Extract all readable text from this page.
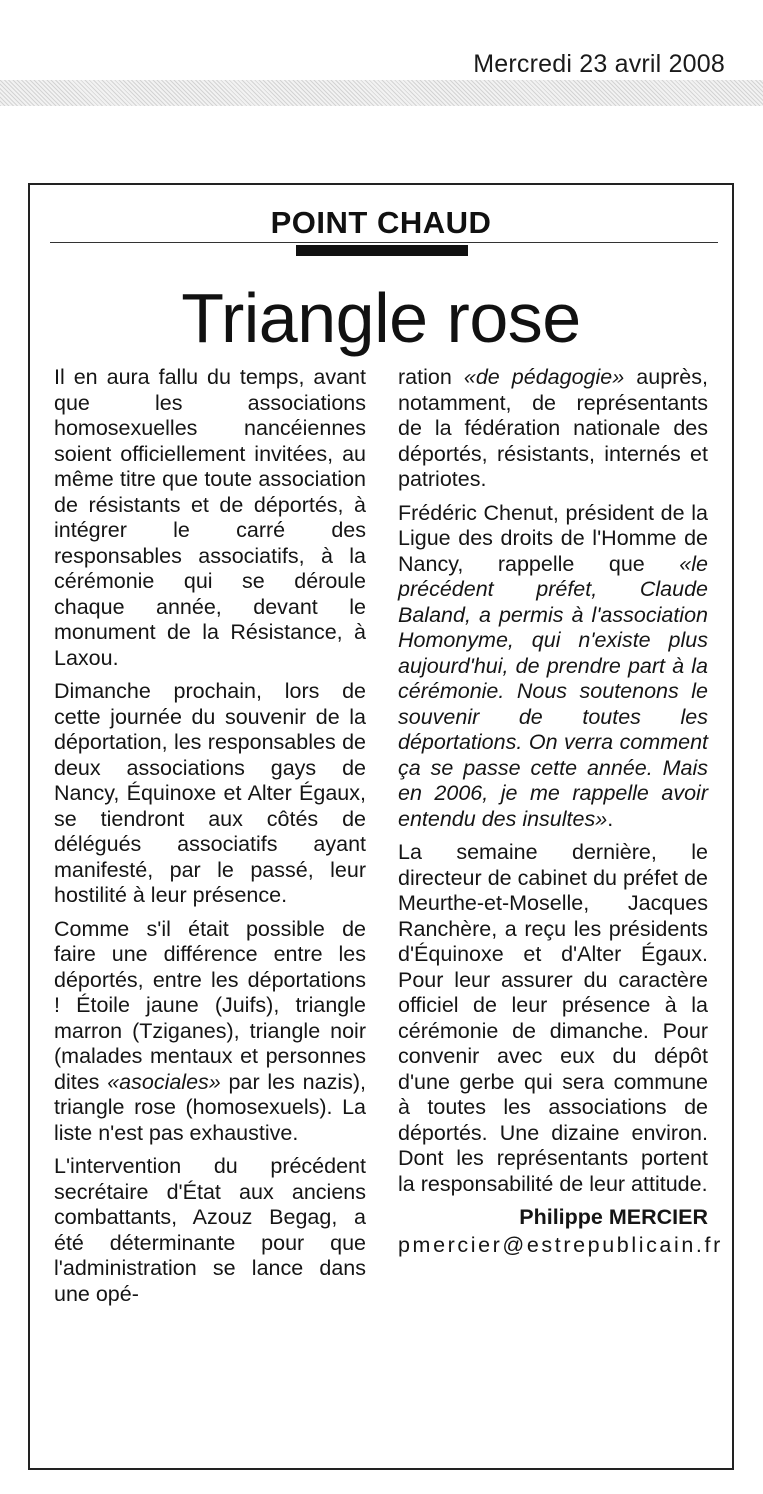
Mercredi 23 avril 2008
POINT CHAUD
Triangle rose

Il en aura fallu du temps, avant que les associations homosexuelles nancéiennes soient officiellement invitées, au même titre que toute association de résistants et de déportés, à intégrer le carré des responsables associatifs, à la cérémonie qui se déroule chaque année, devant le monument de la Résistance, à Laxou.

Dimanche prochain, lors de cette journée du souvenir de la déportation, les responsables de deux associations gays de Nancy, Équinoxe et Alter Égaux, se tiendront aux côtés de délégués associatifs ayant manifesté, par le passé, leur hostilité à leur présence.

Comme s'il était possible de faire une différence entre les déportés, entre les déportations ! Étoile jaune (Juifs), triangle marron (Tziganes), triangle noir (malades mentaux et personnes dites «asociales» par les nazis), triangle rose (homosexuels). La liste n'est pas exhaustive.

L'intervention du précédent secrétaire d'État aux anciens combattants, Azouz Begag, a été déterminante pour que l'administration se lance dans une opé-

ration «de pédagogie» auprès, notamment, de représentants de la fédération nationale des déportés, résistants, internés et patriotes.

Frédéric Chenut, président de la Ligue des droits de l'Homme de Nancy, rappelle que «le précédent préfet, Claude Baland, a permis à l'association Homonyme, qui n'existe plus aujourd'hui, de prendre part à la cérémonie. Nous soutenons le souvenir de toutes les déportations. On verra comment ça se passe cette année. Mais en 2006, je me rappelle avoir entendu des insultes».

La semaine dernière, le directeur de cabinet du préfet de Meurthe-et-Moselle, Jacques Ranchère, a reçu les présidents d'Équinoxe et d'Alter Égaux. Pour leur assurer du caractère officiel de leur présence à la cérémonie de dimanche. Pour convenir avec eux du dépôt d'une gerbe qui sera commune à toutes les associations de déportés. Une dizaine environ. Dont les représentants portent la responsabilité de leur attitude.

Philippe MERCIER

pmercier@estrepublicain.fr
